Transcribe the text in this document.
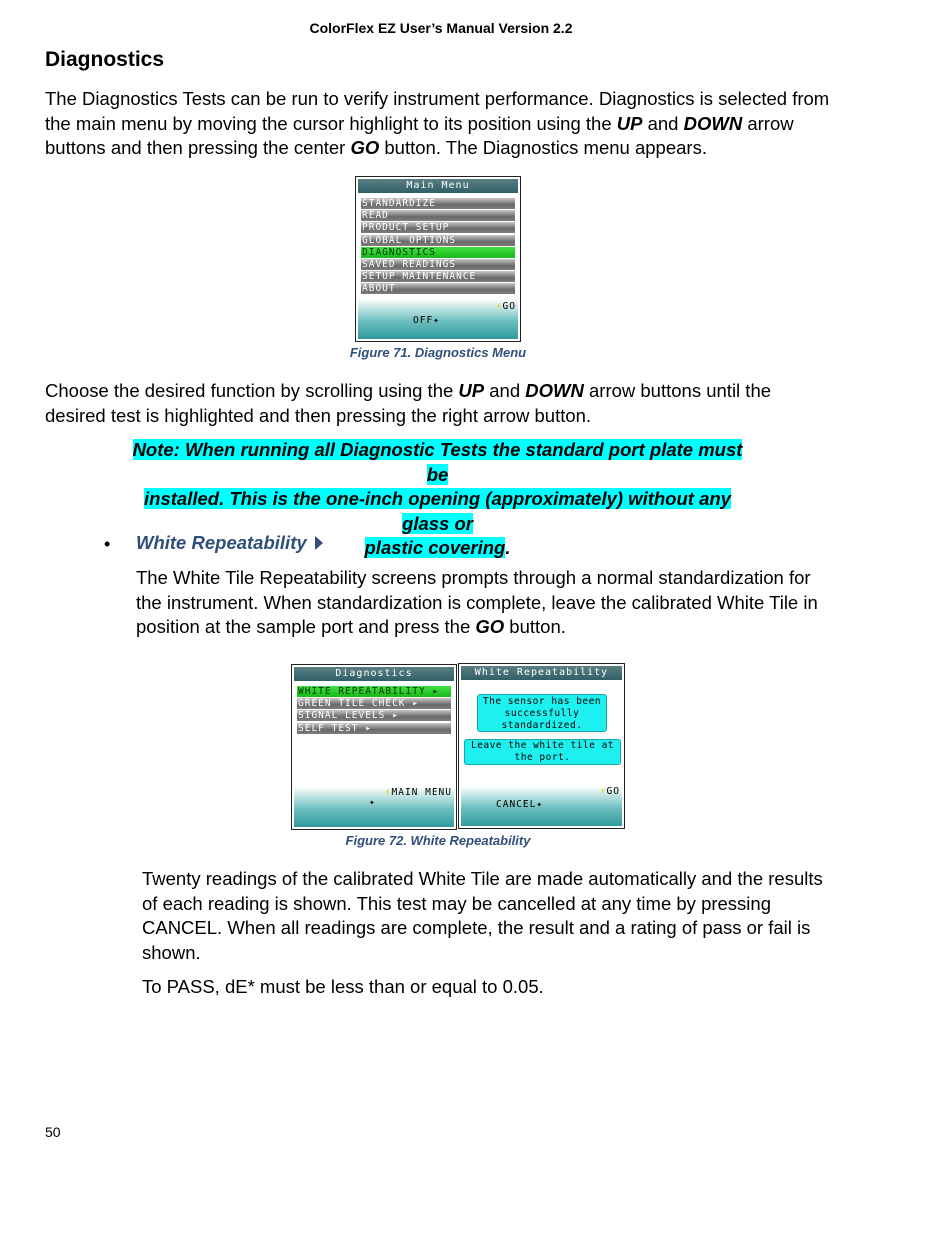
ColorFlex EZ User’s Manual Version 2.2
Diagnostics
The Diagnostics Tests can be run to verify instrument performance. Diagnostics is selected from
the main menu by moving the cursor highlight to its position using the UP and DOWN arrow
buttons and then pressing the center GO button. The Diagnostics menu appears.
Main Menu
STANDARDIZE
READ
PRODUCT SETUP
GLOBAL OPTIONS
DIAGNOSTICS
SAVED READINGS
SETUP MAINTENANCE
ABOUT
⚡GO
OFF✦
Figure 71. Diagnostics Menu
Choose the desired function by scrolling using the UP and DOWN arrow buttons until the
desired test is highlighted and then pressing the right arrow button.
Note: When running all Diagnostic Tests the standard port plate must be
installed. This is the one-inch opening (approximately) without any glass or
plastic covering.
• White Repeatability
The White Tile Repeatability screens prompts through a normal standardization for
the instrument. When standardization is complete, leave the calibrated White Tile in
position at the sample port and press the GO button.
Diagnostics
WHITE REPEATABILITY ▸
GREEN TILE CHECK ▸
SIGNAL LEVELS ▸
SELF TEST ▸
⚡MAIN MENU
✦
White Repeatability
The sensor has been successfully standardized.
Leave the white tile at the port.
⚡GO
CANCEL✦
Figure 72. White Repeatability
Twenty readings of the calibrated White Tile are made automatically and the results
of each reading is shown. This test may be cancelled at any time by pressing
CANCEL. When all readings are complete, the result and a rating of pass or fail is
shown.
To PASS, dE* must be less than or equal to 0.05.
50
